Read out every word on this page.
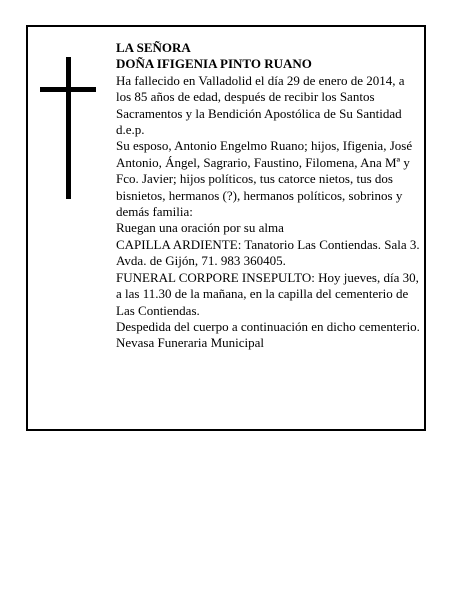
LA SEÑORA

DOÑA IFIGENIA PINTO RUANO

Ha fallecido en Valladolid el día 29 de enero de 2014, a los 85 años de edad, después de recibir los Santos Sacramentos y la Bendición Apostólica de Su Santidad d.e.p.

Su esposo, Antonio Engelmo Ruano; hijos, Ifigenia, José Antonio, Ángel, Sagrario, Faustino, Filomena, Ana Mª y Fco. Javier; hijos políticos, tus catorce nietos, tus dos bisnietos, hermanos (?), hermanos políticos, sobrinos y demás familia:

Ruegan una oración por su alma

CAPILLA ARDIENTE: Tanatorio Las Contiendas. Sala 3. Avda. de Gijón, 71. 983 360405.

FUNERAL CORPORE INSEPULTO: Hoy jueves, día 30, a las 11.30 de la mañana, en la capilla del cementerio de Las Contiendas.

Despedida del cuerpo a continuación en dicho cementerio.

Nevasa Funeraria Municipal
